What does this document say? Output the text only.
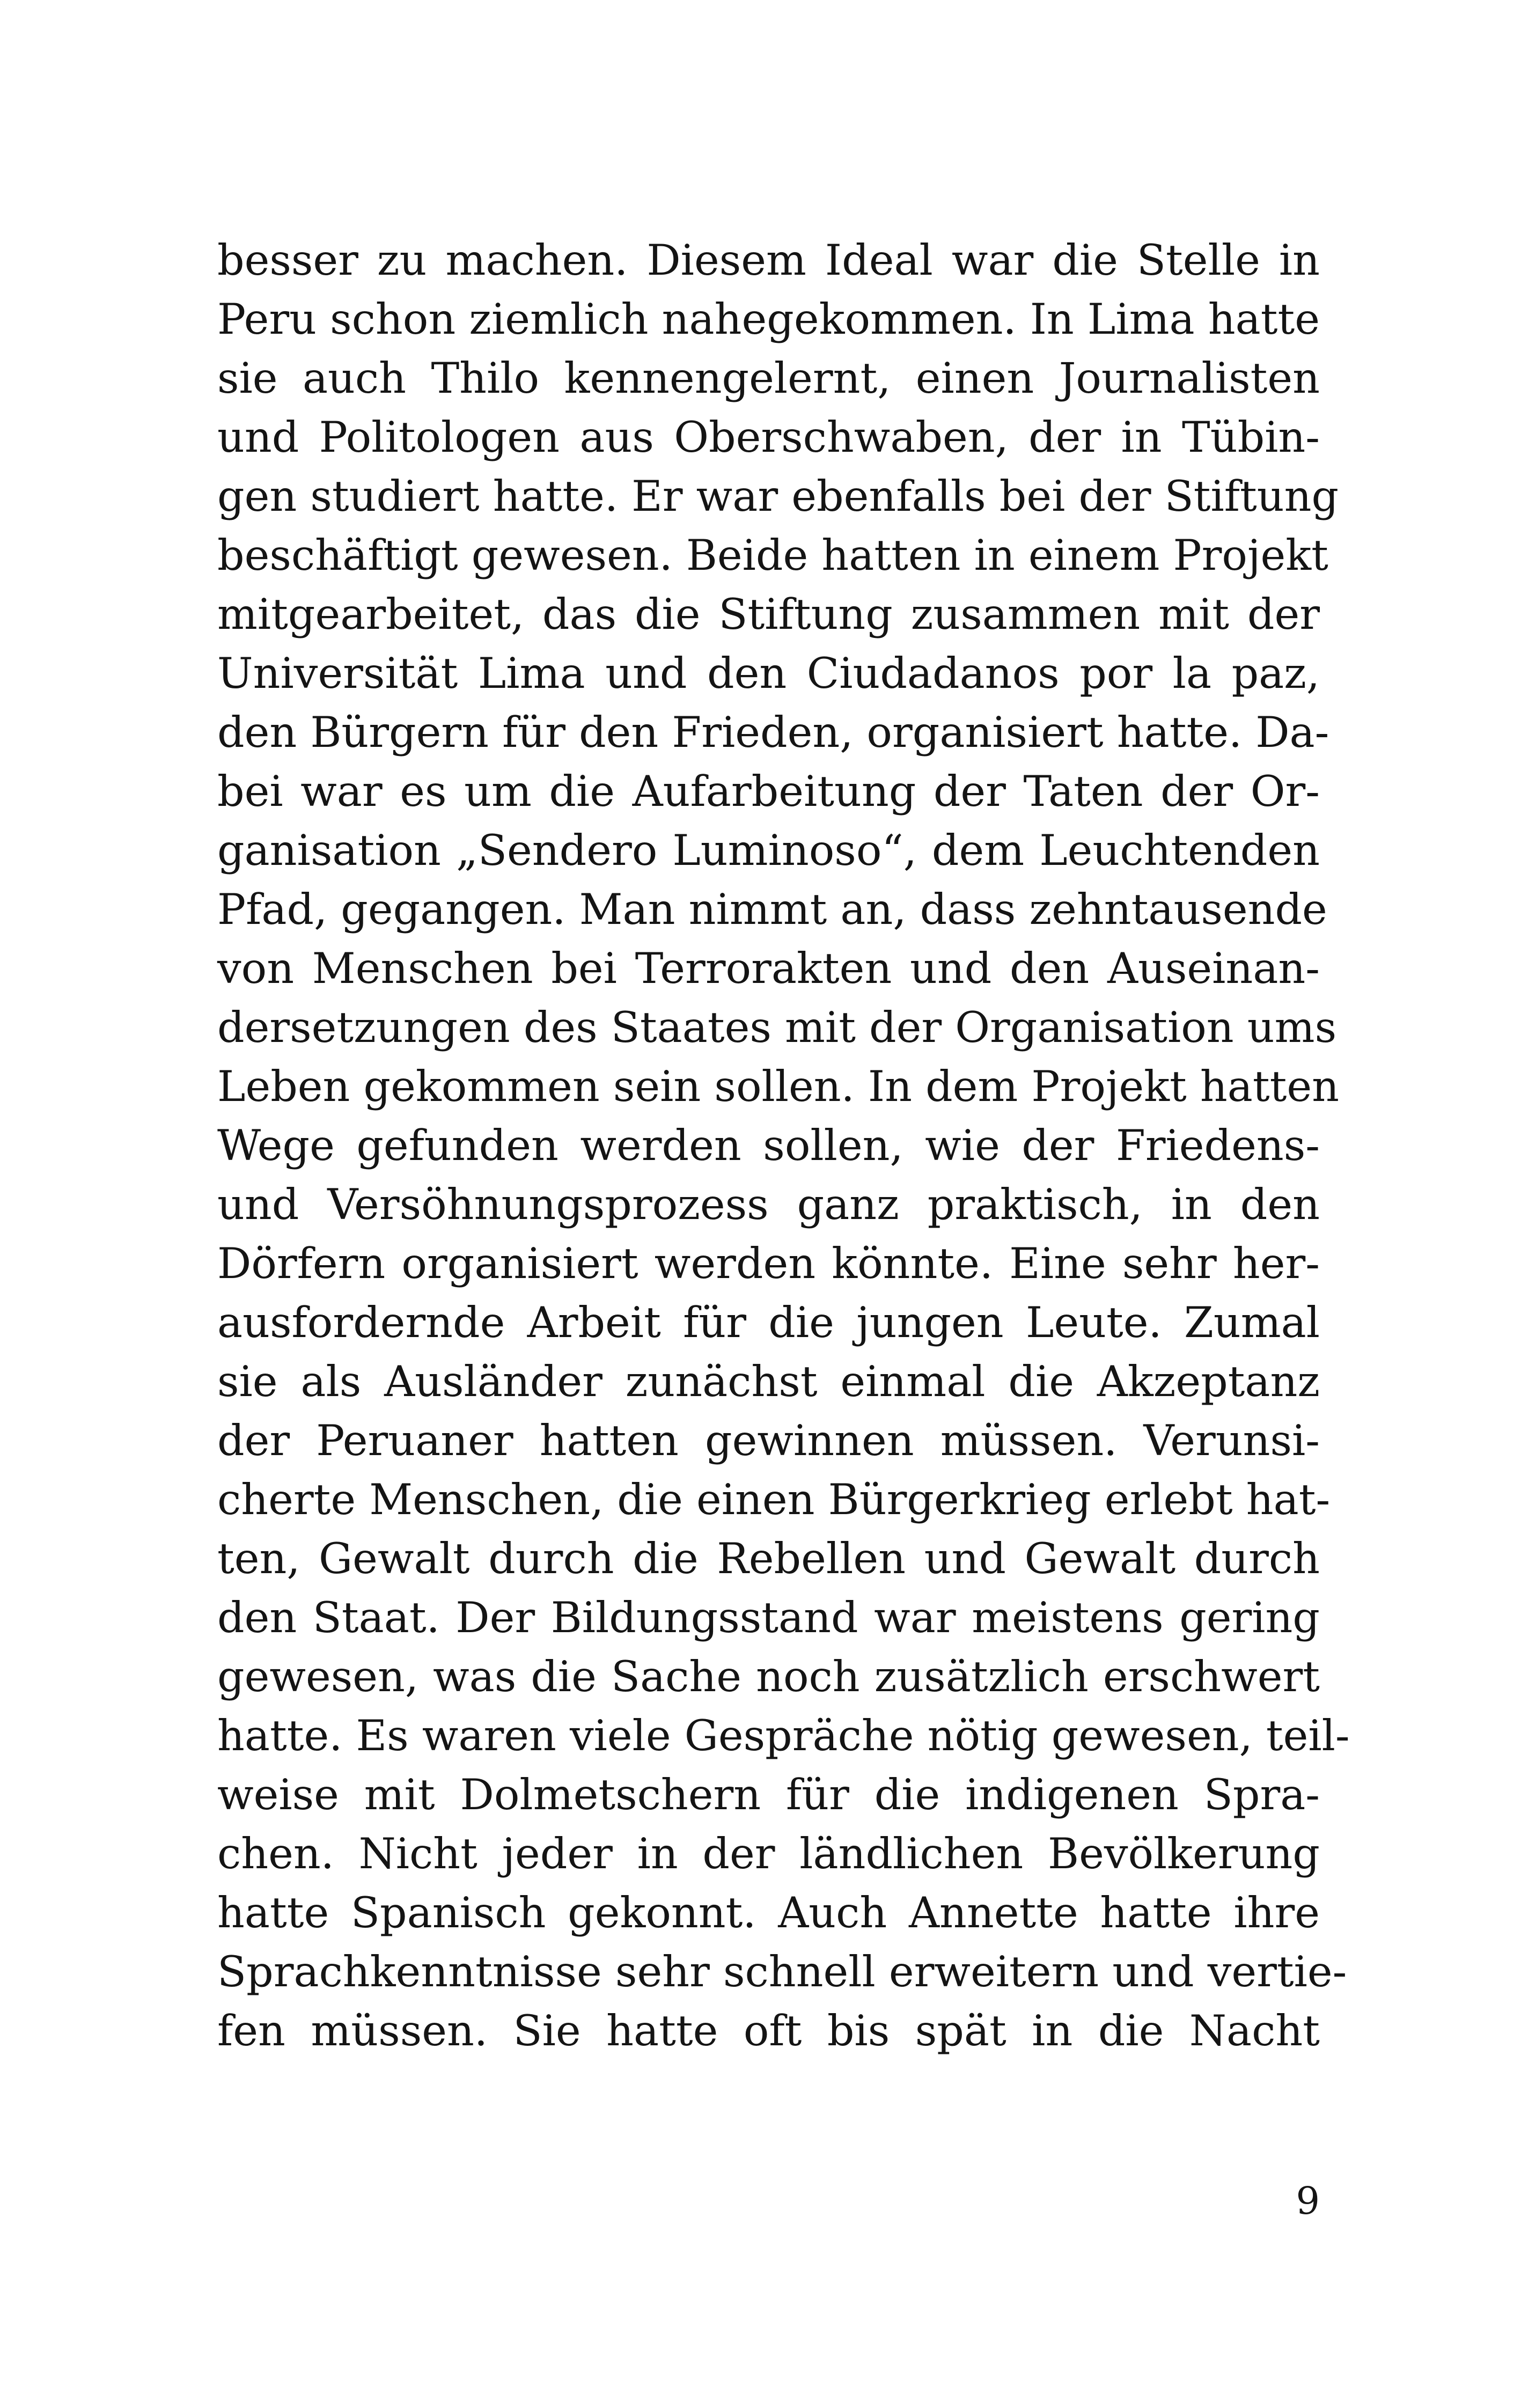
besser zu machen. Diesem Ideal war die Stelle in
Peru schon ziemlich nahegekommen. In Lima hatte
sie auch Thilo kennengelernt, einen Journalisten
und Politologen aus Oberschwaben, der in Tübin-
gen studiert hatte. Er war ebenfalls bei der Stiftung
beschäftigt gewesen. Beide hatten in einem Projekt
mitgearbeitet, das die Stiftung zusammen mit der
Universität Lima und den Ciudadanos por la paz,
den Bürgern für den Frieden, organisiert hatte. Da-
bei war es um die Aufarbeitung der Taten der Or-
ganisation „Sendero Luminoso“, dem Leuchtenden
Pfad, gegangen. Man nimmt an, dass zehntausende
von Menschen bei Terrorakten und den Auseinan-
dersetzungen des Staates mit der Organisation ums
Leben gekommen sein sollen. In dem Projekt hatten
Wege gefunden werden sollen, wie der Friedens-
und Versöhnungsprozess ganz praktisch, in den
Dörfern organisiert werden könnte. Eine sehr her-
ausfordernde Arbeit für die jungen Leute. Zumal
sie als Ausländer zunächst einmal die Akzeptanz
der Peruaner hatten gewinnen müssen. Verunsi-
cherte Menschen, die einen Bürgerkrieg erlebt hat-
ten, Gewalt durch die Rebellen und Gewalt durch
den Staat. Der Bildungsstand war meistens gering
gewesen, was die Sache noch zusätzlich erschwert
hatte. Es waren viele Gespräche nötig gewesen, teil-
weise mit Dolmetschern für die indigenen Spra-
chen. Nicht jeder in der ländlichen Bevölkerung
hatte Spanisch gekonnt. Auch Annette hatte ihre
Sprachkenntnisse sehr schnell erweitern und vertie-
fen müssen. Sie hatte oft bis spät in die Nacht
9
